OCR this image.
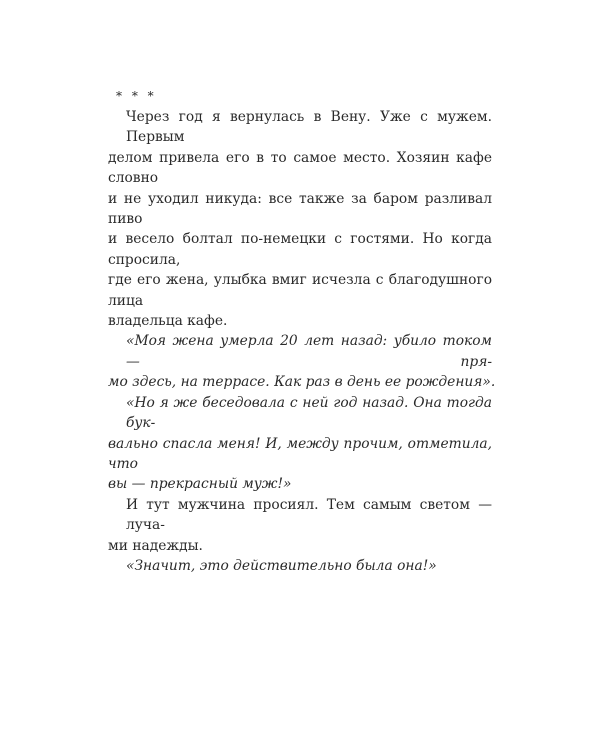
* * *
Через год я вернулась в Вену. Уже с мужем. Первым
делом привела его в то самое место. Хозяин кафе словно
и не уходил никуда: все также за баром разливал пиво
и весело болтал по-немецки с гостями. Но когда спросила,
где его жена, улыбка вмиг исчезла с благодушного лица
владельца кафе.
«Моя жена умерла 20 лет назад: убило током — пря-
мо здесь, на террасе. Как раз в день ее рождения».
«Но я же беседовала с ней год назад. Она тогда бук-
вально спасла меня! И, между прочим, отметила, что
вы — прекрасный муж!»
И тут мужчина просиял. Тем самым светом — луча-
ми надежды.
«Значит, это действительно была она!»
